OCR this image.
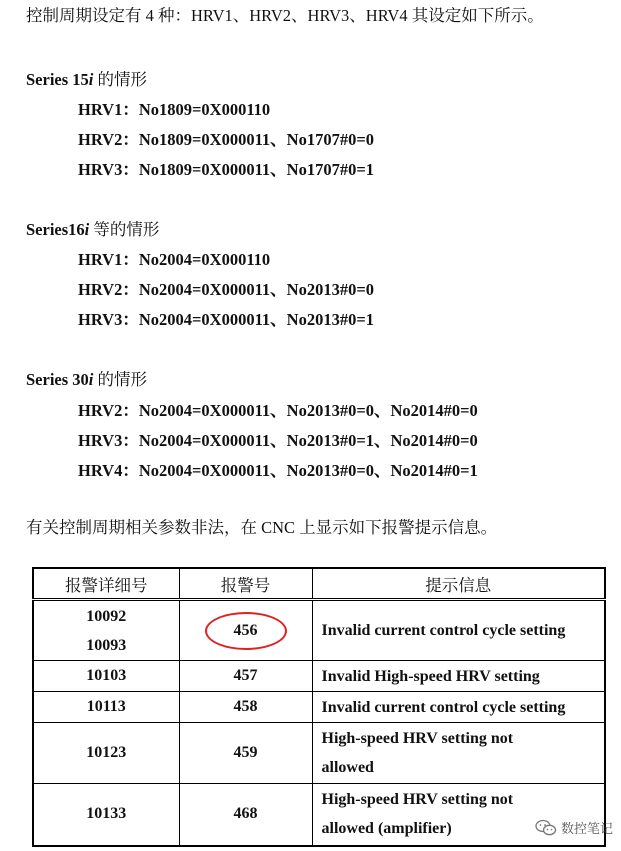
控制周期设定有 4 种：HRV1、HRV2、HRV3、HRV4 其设定如下所示。
Series 15i 的情形
HRV1：No1809=0X000110
HRV2：No1809=0X000011、No1707#0=0
HRV3：No1809=0X000011、No1707#0=1
Series16i 等的情形
HRV1：No2004=0X000110
HRV2：No2004=0X000011、No2013#0=0
HRV3：No2004=0X000011、No2013#0=1
Series 30i 的情形
HRV2：No2004=0X000011、No2013#0=0、No2014#0=0
HRV3：No2004=0X000011、No2013#0=1、No2014#0=0
HRV4：No2004=0X000011、No2013#0=0、No2014#0=1
有关控制周期相关参数非法，在 CNC 上显示如下报警提示信息。
报警详细号	报警号	提示信息

10092
10093	456	Invalid current control cycle setting
10103	457	Invalid High-speed HRV setting
10113	458	Invalid current control cycle setting
10123	459	High-speed HRV setting not
allowed

10133	468	High-speed HRV setting not
allowed (amplifier)	数控笔记
